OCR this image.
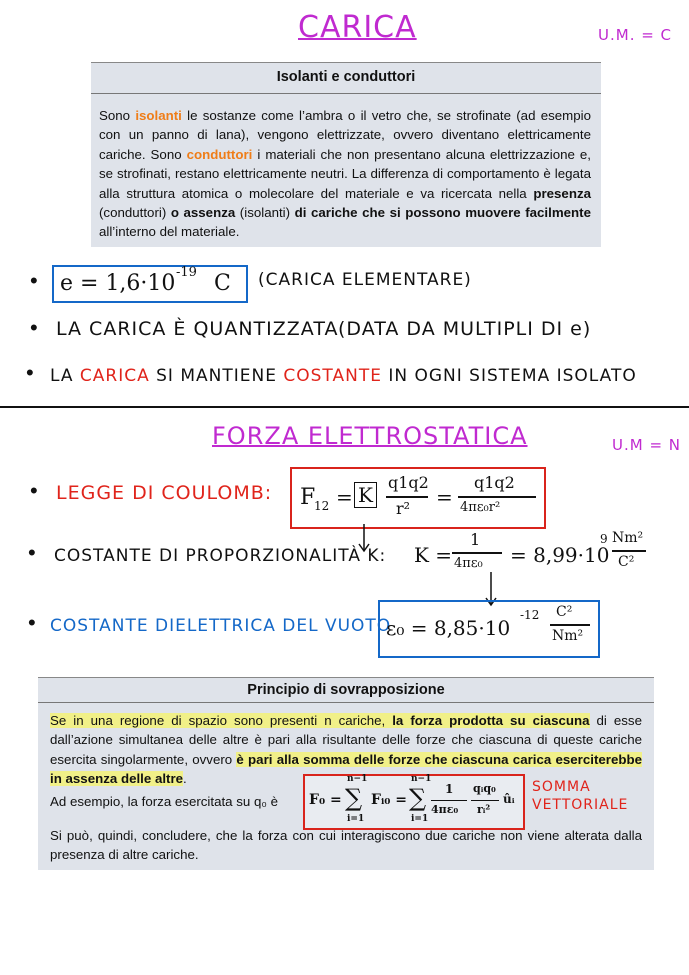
CARICA	U.M. = C
Isolanti e conduttori
Sono isolanti le sostanze come l’ambra o il vetro che, se strofinate (ad esempio con un panno di lana), vengono elettrizzate, ovvero diventano elettricamente cariche. Sono conduttori i materiali che non presentano alcuna elettrizzazione e, se strofinati, restano elettricamente neutri. La differenza di comportamento è legata alla struttura atomica o molecolare del materiale e va ricercata nella presenza (conduttori) o assenza (isolanti) di cariche che si possono muovere facilmente all’interno del materiale.
• e = 1,6·10 -19 C (CARICA ELEMENTARE)
• LA CARICA È QUANTIZZATA (DATA DA MULTIPLI DI e)
• LA CARICA SI MANTIENE COSTANTE IN OGNI SISTEMA ISOLATO
FORZA ELETTROSTATICA	U.M = N
• LEGGE DI COULOMB: F
12 = K
q1q2
r² =
q1q2
4πε₀r²
• COSTANTE DI PROPORZIONALITÀ K: K =
1
4πε₀ = 8,99·10
9 Nm²
C²
• COSTANTE DIELETTRICA DEL VUOTO
ε₀ = 8,85·10
-12 C²
Nm²
Principio di sovrapposizione
Se in una regione di spazio sono presenti n cariche, la forza prodotta su ciascuna di esse dall’azione simultanea delle altre è pari alla risultante delle forze che ciascuna di queste cariche esercita singolarmente, ovvero è pari alla somma delle forze che ciascuna carica eserciterebbe in assenza delle altre.
Ad esempio, la forza esercitata su q₀ è F₀ =
n−1
∑
i=1
Fᵢ₀ =
n−1
∑
i=1
1
4πε₀
qᵢq₀
rᵢ²
ûᵢ
SOMMA VETTORIALE
Si può, quindi, concludere, che la forza con cui interagiscono due cariche non viene alterata dalla presenza di altre cariche.
